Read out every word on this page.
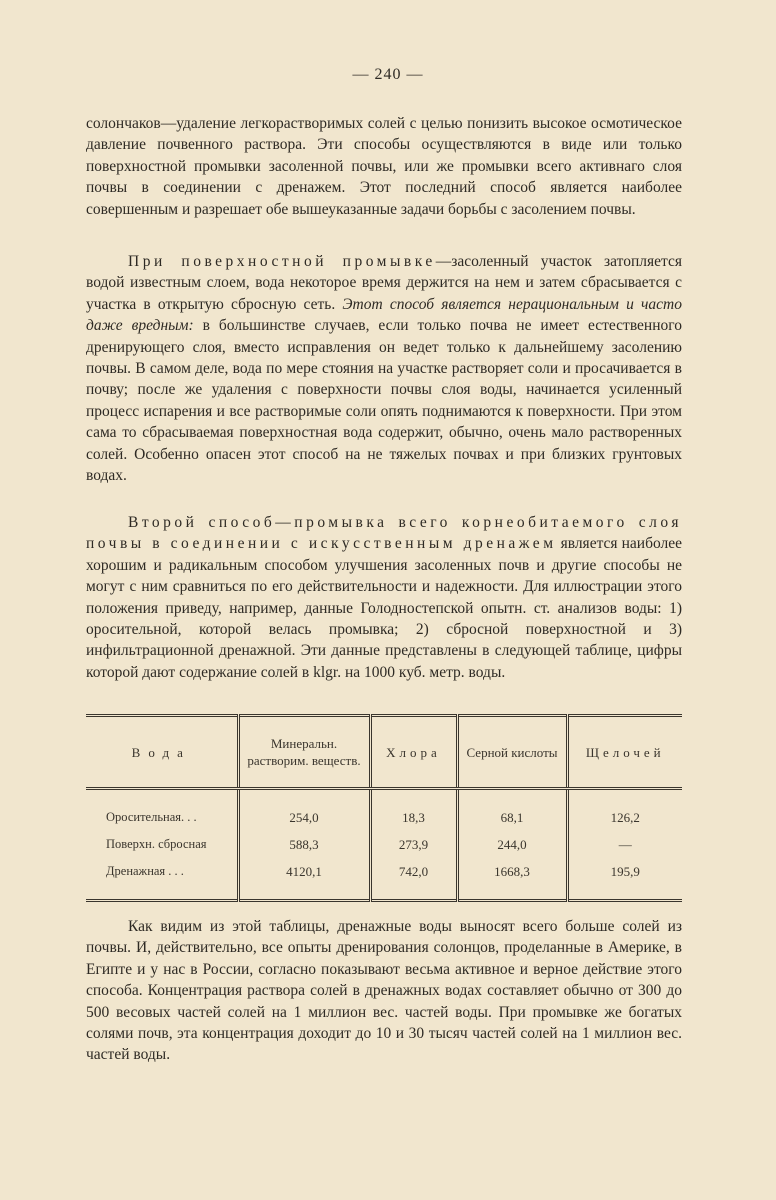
— 240 —

солончаков—удаление легкорастворимых солей с целью понизить высокое осмотическое давление почвенного раствора. Эти способы осуществляются в виде или только поверхностной промывки засоленной почвы, или же промывки всего активнаго слоя почвы в соединении с дренажем. Этот последний способ является наиболее совершенным и разрешает обе вышеуказанные задачи борьбы с засолением почвы.

При поверхностной промывке—засоленный участок затопляется водой известным слоем, вода некоторое время держится на нем и затем сбрасывается с участка в открытую сбросную сеть. Этот способ является нерациональным и часто даже вредным: в большинстве случаев, если только почва не имеет естественного дренирующего слоя, вместо исправления он ведет только к дальнейшему засолению почвы. В самом деле, вода по мере стояния на участке растворяет соли и просачивается в почву; после же удаления с поверхности почвы слоя воды, начинается усиленный процесс испарения и все растворимые соли опять поднимаются к поверхности. При этом сама то сбрасываемая поверхностная вода содержит, обычно, очень мало растворенных солей. Особенно опасен этот способ на не тяжелых почвах и при близких грунтовых водах.

Второй способ—промывка всего корнеобитаемого слоя почвы в соединении с искусственным дренажем является наиболее хорошим и радикальным способом улучшения засоленных почв и другие способы не могут с ним сравниться по его действительности и надежности. Для иллюстрации этого положения приведу, например, данные Голодностепской опытн. ст. анализов воды: 1) оросительной, которой велась промывка; 2) сбросной поверхностной и 3) инфильтрационной дренажной. Эти данные представлены в следующей таблице, цифры которой дают содержание солей в klgr. на 1000 куб. метр. воды.

Вода	Минеральн. растворим. веществ.	Хлора	Серной кислоты	Щелочей
Оросительная. . .	254,0	18,3	68,1	126,2
Поверхн. сбросная	588,3	273,9	244,0	—
Дренажная . . .	4120,1	742,0	1668,3	195,9

Как видим из этой таблицы, дренажные воды выносят всего больше солей из почвы. И, действительно, все опыты дренирования солонцов, проделанные в Америке, в Египте и у нас в России, согласно показывают весьма активное и верное действие этого способа. Концентрация раствора солей в дренажных водах составляет обычно от 300 до 500 весовых частей солей на 1 миллион вес. частей воды. При промывке же богатых солями почв, эта концентрация доходит до 10 и 30 тысяч частей солей на 1 миллион вес. частей воды.
